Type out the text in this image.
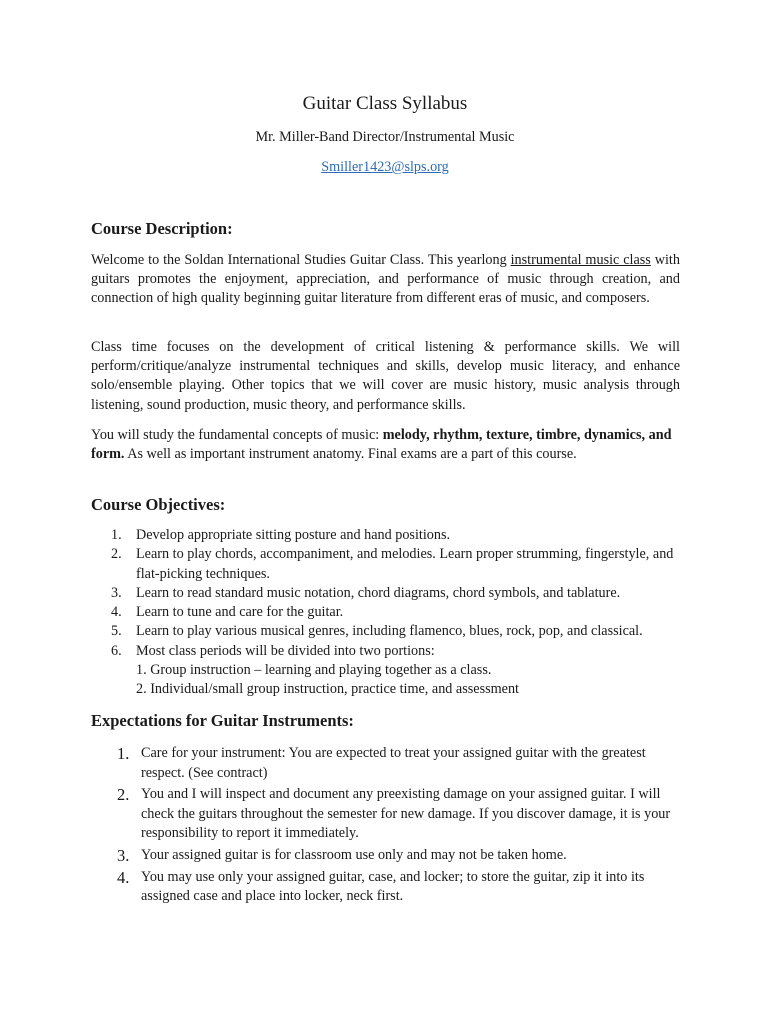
Guitar Class Syllabus

Mr. Miller-Band Director/Instrumental Music

Smiller1423@slps.org

Course Description:

Welcome to the Soldan International Studies Guitar Class. This yearlong instrumental music class with guitars promotes the enjoyment, appreciation, and performance of music through creation, and connection of high quality beginning guitar literature from different eras of music, and composers.

Class time focuses on the development of critical listening & performance skills. We will perform/critique/analyze instrumental techniques and skills, develop music literacy, and enhance solo/ensemble playing. Other topics that we will cover are music history, music analysis through listening, sound production, music theory, and performance skills.

You will study the fundamental concepts of music: melody, rhythm, texture, timbre, dynamics, and form. As well as important instrument anatomy. Final exams are a part of this course.

Course Objectives:
1. Develop appropriate sitting posture and hand positions.
2. Learn to play chords, accompaniment, and melodies. Learn proper strumming, fingerstyle, and flat-picking techniques.
3. Learn to read standard music notation, chord diagrams, chord symbols, and tablature.
4. Learn to tune and care for the guitar.
5. Learn to play various musical genres, including flamenco, blues, rock, pop, and classical.
6. Most class periods will be divided into two portions:
1. Group instruction – learning and playing together as a class.
2. Individual/small group instruction, practice time, and assessment
Expectations for Guitar Instruments:
1. Care for your instrument: You are expected to treat your assigned guitar with the greatest respect. (See contract)
2. You and I will inspect and document any preexisting damage on your assigned guitar. I will check the guitars throughout the semester for new damage. If you discover damage, it is your responsibility to report it immediately.
3. Your assigned guitar is for classroom use only and may not be taken home.
4. You may use only your assigned guitar, case, and locker; to store the guitar, zip it into its assigned case and place into locker, neck first.
